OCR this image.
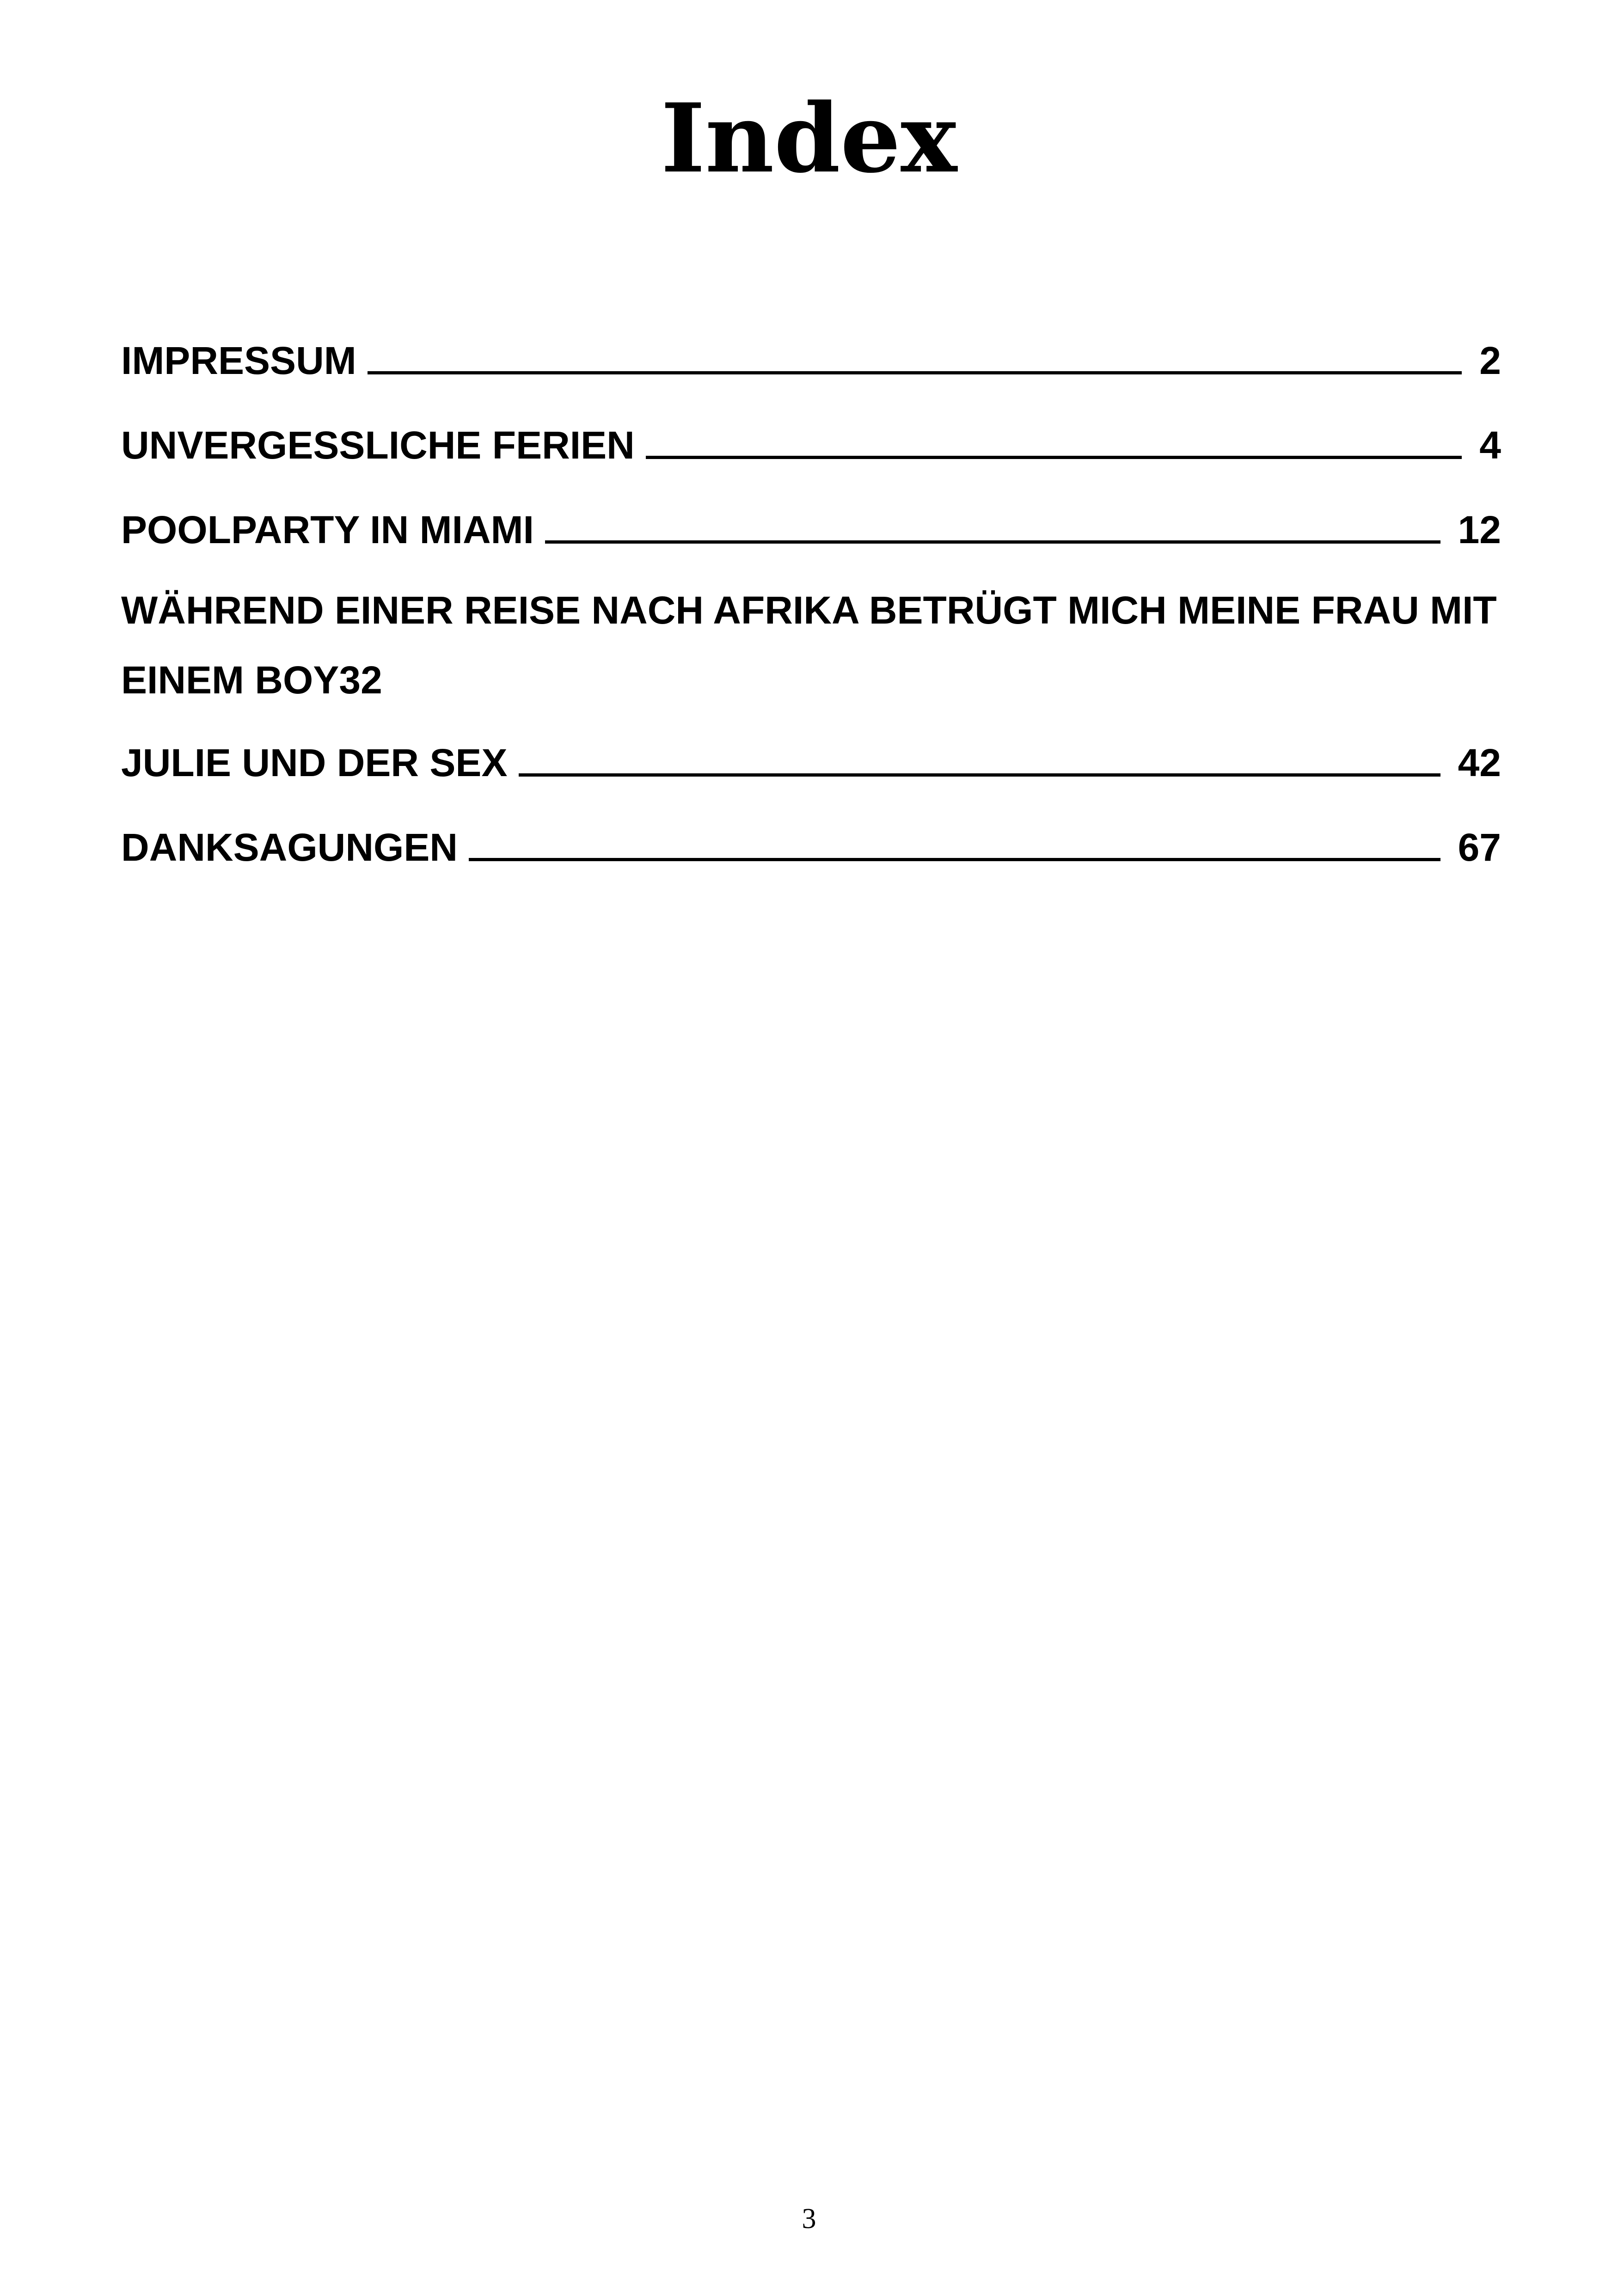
Index
IMPRESSUM	2
UNVERGESSLICHE FERIEN	4
POOLPARTY IN MIAMI	12
WÄHREND EINER REISE NACH AFRIKA BETRÜGT MICH MEINE FRAU MIT
EINEM BOY 32
JULIE UND DER SEX	42
DANKSAGUNGEN	67
3
